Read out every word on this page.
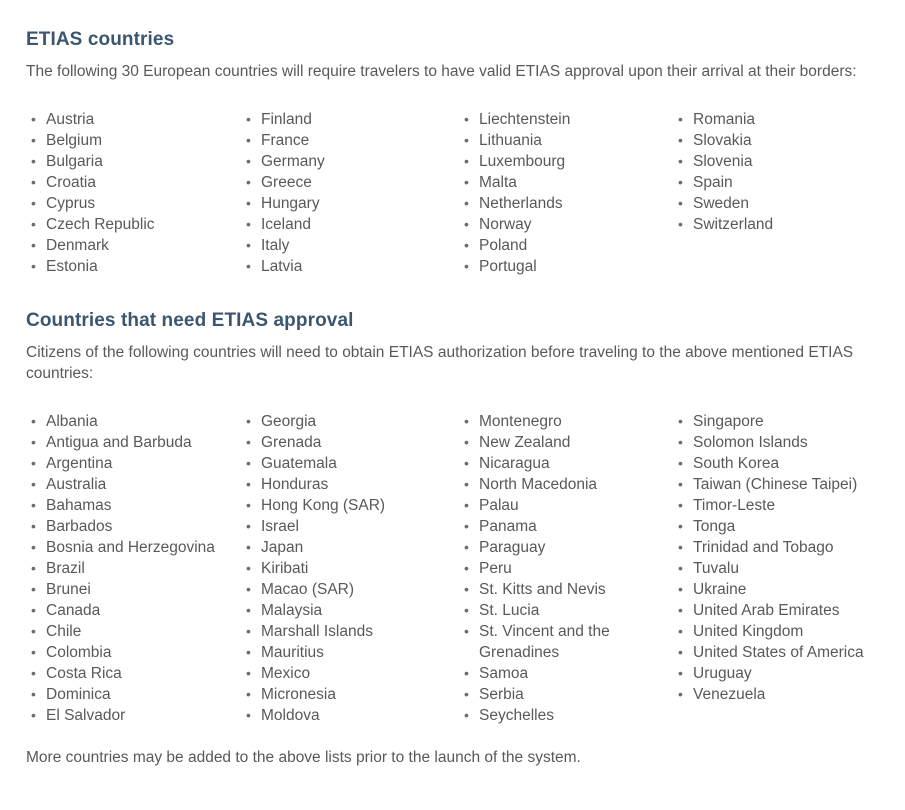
ETIAS countries

The following 30 European countries will require travelers to have valid ETIAS approval upon their arrival at their borders:

• Austria
• Belgium
• Bulgaria
• Croatia
• Cyprus
• Czech Republic
• Denmark
• Estonia
• Finland
• France
• Germany
• Greece
• Hungary
• Iceland
• Italy
• Latvia
• Liechtenstein
• Lithuania
• Luxembourg
• Malta
• Netherlands
• Norway
• Poland
• Portugal
• Romania
• Slovakia
• Slovenia
• Spain
• Sweden
• Switzerland
Countries that need ETIAS approval

Citizens of the following countries will need to obtain ETIAS authorization before traveling to the above mentioned ETIAS countries:

• Albania
• Antigua and Barbuda
• Argentina
• Australia
• Bahamas
• Barbados
• Bosnia and Herzegovina
• Brazil
• Brunei
• Canada
• Chile
• Colombia
• Costa Rica
• Dominica
• El Salvador
• Georgia
• Grenada
• Guatemala
• Honduras
• Hong Kong (SAR)
• Israel
• Japan
• Kiribati
• Macao (SAR)
• Malaysia
• Marshall Islands
• Mauritius
• Mexico
• Micronesia
• Moldova
• Montenegro
• New Zealand
• Nicaragua
• North Macedonia
• Palau
• Panama
• Paraguay
• Peru
• St. Kitts and Nevis
• St. Lucia
• St. Vincent and the Grenadines
• Samoa
• Serbia
• Seychelles
• Singapore
• Solomon Islands
• South Korea
• Taiwan (Chinese Taipei)
• Timor-Leste
• Tonga
• Trinidad and Tobago
• Tuvalu
• Ukraine
• United Arab Emirates
• United Kingdom
• United States of America
• Uruguay
• Venezuela

More countries may be added to the above lists prior to the launch of the system.
